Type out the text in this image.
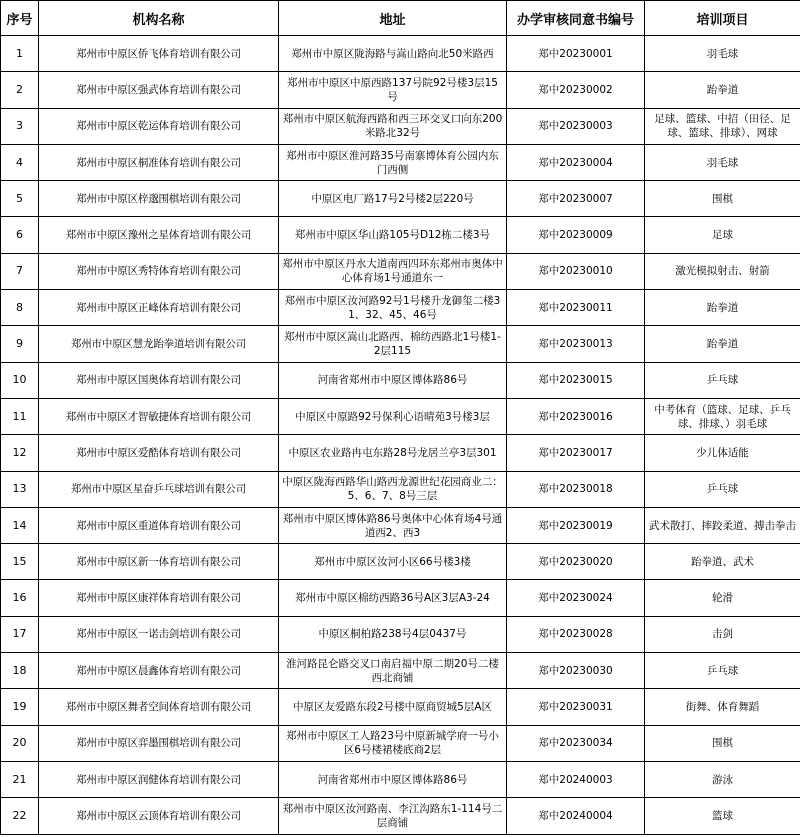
序号	机构名称	地址	办学审核同意书编号	培训项目
1	郑州市中原区侨飞体育培训有限公司	郑州市中原区陇海路与嵩山路向北50米路西	郑中20230001	羽毛球
2	郑州市中原区强武体育培训有限公司	郑州市中原区中原西路137号院92号楼3层15号	郑中20230002	跆拳道
3	郑州市中原区乾运体育培训有限公司	郑州市中原区航海西路和西三环交叉口向东200米路北32号	郑中20230003	足球、篮球、中招（田径、足球、篮球、排球）、网球
4	郑州市中原区桐准体育培训有限公司	郑州市中原区淮河路35号南寨博体育公园内东门西侧	郑中20230004	羽毛球
5	郑州市中原区梓邈围棋培训有限公司	中原区电厂路17号2号楼2层220号	郑中20230007	围棋
6	郑州市中原区豫州之星体育培训有限公司	郑州市中原区华山路105号D12栋二楼3号	郑中20230009	足球
7	郑州市中原区秀特体育培训有限公司	郑州市中原区丹水大道南西四环东郑州市奥体中心体育场1号通道东一	郑中20230010	激光模拟射击、射箭
8	郑州市中原区正峰体育培训有限公司	郑州市中原区汝河路92号1号楼升龙御玺二楼31、32、45、46号	郑中20230011	跆拳道
9	郑州市中原区慧龙跆拳道培训有限公司	郑州市中原区嵩山北路西、棉纺西路北1号楼1-2层115	郑中20230013	跆拳道
10	郑州市中原区国奥体育培训有限公司	河南省郑州市中原区博体路86号	郑中20230015	乒乓球
11	郑州市中原区才智敏捷体育培训有限公司	中原区中原路92号保利心语晴苑3号楼3层	郑中20230016	中考体育（篮球、足球、乒乓球、排球、）羽毛球
12	郑州市中原区爱酷体育培训有限公司	中原区农业路冉屯东路28号龙居兰亭3层301	郑中20230017	少儿体适能
13	郑州市中原区星奋乒乓球培训有限公司	中原区陇海西路华山路西龙源世纪花园商业二：5、6、7、8号三层	郑中20230018	乒乓球
14	郑州市中原区重道体育培训有限公司	郑州市中原区博体路86号奥体中心体育场4号通道西2、西3	郑中20230019	武术散打、摔跤柔道、搏击拳击
15	郑州市中原区新一体育培训有限公司	郑州市中原区汝河小区66号楼3楼	郑中20230020	跆拳道、武术
16	郑州市中原区康祥体育培训有限公司	郑州市中原区棉纺西路36号A区3层A3-24	郑中20230024	轮滑
17	郑州市中原区一诺击剑培训有限公司	中原区桐柏路238号4层0437号	郑中20230028	击剑
18	郑州市中原区晨鑫体育培训有限公司	淮河路昆仑路交叉口南启福中原二期20号二楼西北商铺	郑中20230030	乒乓球
19	郑州市中原区舞者空间体育培训有限公司	中原区友爱路东段2号楼中原商贸城5层A区	郑中20230031	街舞、体育舞蹈
20	郑州市中原区弈墨围棋培训有限公司	郑州市中原区工人路23号中原新城学府一号小区6号楼裙楼底商2层	郑中20230034	围棋
21	郑州市中原区润健体育培训有限公司	河南省郑州市中原区博体路86号	郑中20240003	游泳
22	郑州市中原区云顶体育培训有限公司	郑州市中原区汝河路南、李江沟路东1-114号二层商铺	郑中20240004	篮球
